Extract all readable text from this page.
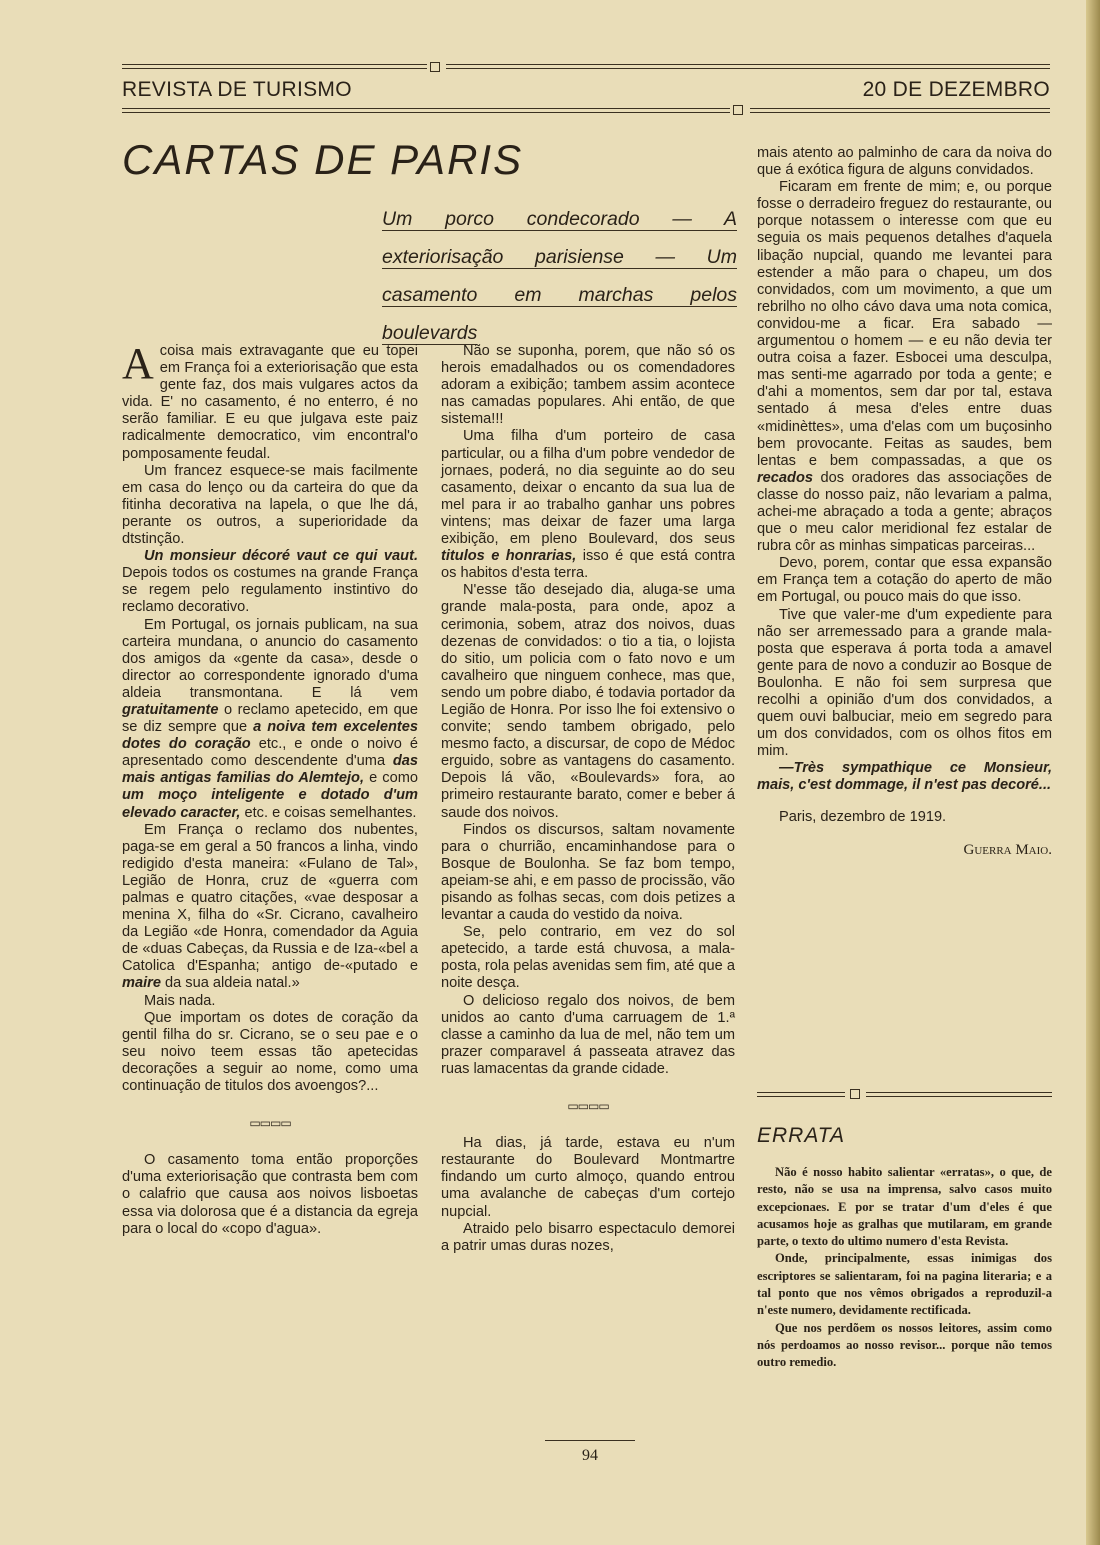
REVISTA DE TURISMO	20 DE DEZEMBRO
CARTAS DE PARIS
Um porco condecorado — A exteriorisação parisiense — Um casamento em marchas pelos boulevards

Acoisa mais extravagante que eu topei em França foi a exteriorisação que esta gente faz, dos mais vulgares actos da vida. E' no casamento, é no enterro, é no serão familiar. E eu que julgava este paiz radicalmente democratico, vim encontral'o pomposamente feudal.

Um francez esquece-se mais facilmente em casa do lenço ou da carteira do que da fitinha decorativa na lapela, o que lhe dá, perante os outros, a superioridade da dtstinção.

Un monsieur décoré vaut ce qui vaut. Depois todos os costumes na grande França se regem pelo regulamento instintivo do reclamo decorativo.

Em Portugal, os jornais publicam, na sua carteira mundana, o anuncio do casamento dos amigos da «gente da casa», desde o director ao correspondente ignorado d'uma aldeia transmontana. E lá vem gratuitamente o reclamo apetecido, em que se diz sempre que a noiva tem excelentes dotes do coração etc., e onde o noivo é apresentado como descendente d'uma das mais antigas familias do Alemtejo, e como um moço inteligente e dotado d'um elevado caracter, etc. e coisas semelhantes.

Em França o reclamo dos nubentes, paga-se em geral a 50 francos a linha, vindo redigido d'esta maneira: «Fulano de Tal», Legião de Honra, cruz de «guerra com palmas e quatro citações, «vae desposar a menina X, filha do «Sr. Cicrano, cavalheiro da Legião «de Honra, comendador da Aguia de «duas Cabeças, da Russia e de Iza-«bel a Catolica d'Espanha; antigo de-«putado e maire da sua aldeia natal.»

Mais nada.

Que importam os dotes de coração da gentil filha do sr. Cicrano, se o seu pae e o seu noivo teem essas tão apetecidas decorações a seguir ao nome, como uma continuação de titulos dos avoengos?...

▭▭▭▭

O casamento toma então proporções d'uma exteriorisação que contrasta bem com o calafrio que causa aos noivos lisboetas essa via dolorosa que é a distancia da egreja para o local do «copo d'agua».

Não se suponha, porem, que não só os herois emadalhados ou os comendadores adoram a exibição; tambem assim acontece nas camadas populares. Ahi então, de que sistema!!!

Uma filha d'um porteiro de casa particular, ou a filha d'um pobre vendedor de jornaes, poderá, no dia seguinte ao do seu casamento, deixar o encanto da sua lua de mel para ir ao trabalho ganhar uns pobres vintens; mas deixar de fazer uma larga exibição, em pleno Boulevard, dos seus titulos e honrarias, isso é que está contra os habitos d'esta terra.

N'esse tão desejado dia, aluga-se uma grande mala-posta, para onde, apoz a cerimonia, sobem, atraz dos noivos, duas dezenas de convidados: o tio a tia, o lojista do sitio, um policia com o fato novo e um cavalheiro que ninguem conhece, mas que, sendo um pobre diabo, é todavia portador da Legião de Honra. Por isso lhe foi extensivo o convite; sendo tambem obrigado, pelo mesmo facto, a discursar, de copo de Médoc erguido, sobre as vantagens do casamento. Depois lá vão, «Boulevards» fora, ao primeiro restaurante barato, comer e beber á saude dos noivos.

Findos os discursos, saltam novamente para o churrião, encaminhandose para o Bosque de Boulonha. Se faz bom tempo, apeiam-se ahi, e em passo de procissão, vão pisando as folhas secas, com dois petizes a levantar a cauda do vestido da noiva.

Se, pelo contrario, em vez do sol apetecido, a tarde está chuvosa, a mala-posta, rola pelas avenidas sem fim, até que a noite desça.

O delicioso regalo dos noivos, de bem unidos ao canto d'uma carruagem de 1.ª classe a caminho da lua de mel, não tem um prazer comparavel á passeata atravez das ruas lamacentas da grande cidade.

▭▭▭▭

Ha dias, já tarde, estava eu n'um restaurante do Boulevard Montmartre findando um curto almoço, quando entrou uma avalanche de cabeças d'um cortejo nupcial.

Atraido pelo bisarro espectaculo demorei a patrir umas duras nozes,

mais atento ao palminho de cara da noiva do que á exótica figura de alguns convidados.

Ficaram em frente de mim; e, ou porque fosse o derradeiro freguez do restaurante, ou porque notassem o interesse com que eu seguia os mais pequenos detalhes d'aquela libação nupcial, quando me levantei para estender a mão para o chapeu, um dos convidados, com um movimento, a que um rebrilho no olho cávo dava uma nota comica, convidou-me a ficar. Era sabado — argumentou o homem — e eu não devia ter outra coisa a fazer. Esbocei uma desculpa, mas senti-me agarrado por toda a gente; e d'ahi a momentos, sem dar por tal, estava sentado á mesa d'eles entre duas «midinèttes», uma d'elas com um buçosinho bem provocante. Feitas as saudes, bem lentas e bem compassadas, a que os recados dos oradores das associações de classe do nosso paiz, não levariam a palma, achei-me abraçado a toda a gente; abraços que o meu calor meridional fez estalar de rubra côr as minhas simpaticas parceiras...

Devo, porem, contar que essa expansão em França tem a cotação do aperto de mão em Portugal, ou pouco mais do que isso.

Tive que valer-me d'um expediente para não ser arremessado para a grande mala-posta que esperava á porta toda a amavel gente para de novo a conduzir ao Bosque de Boulonha. E não foi sem surpresa que recolhi a opinião d'um dos convidados, a quem ouvi balbuciar, meio em segredo para um dos convidados, com os olhos fitos em mim.

—Très sympathique ce Monsieur, mais, c'est dommage, il n'est pas decoré...

Paris, dezembro de 1919.

Guerra Maio.
ERRATA

Não é nosso habito salientar «erratas», o que, de resto, não se usa na imprensa, salvo casos muito excepcionaes. E por se tratar d'um d'eles é que acusamos hoje as gralhas que mutilaram, em grande parte, o texto do ultimo numero d'esta Revista.

Onde, principalmente, essas inimigas dos escriptores se salientaram, foi na pagina literaria; e a tal ponto que nos vêmos obrigados a reproduzil-a n'este numero, devidamente rectificada.

Que nos perdõem os nossos leitores, assim como nós perdoamos ao nosso revisor... porque não temos outro remedio.

94
